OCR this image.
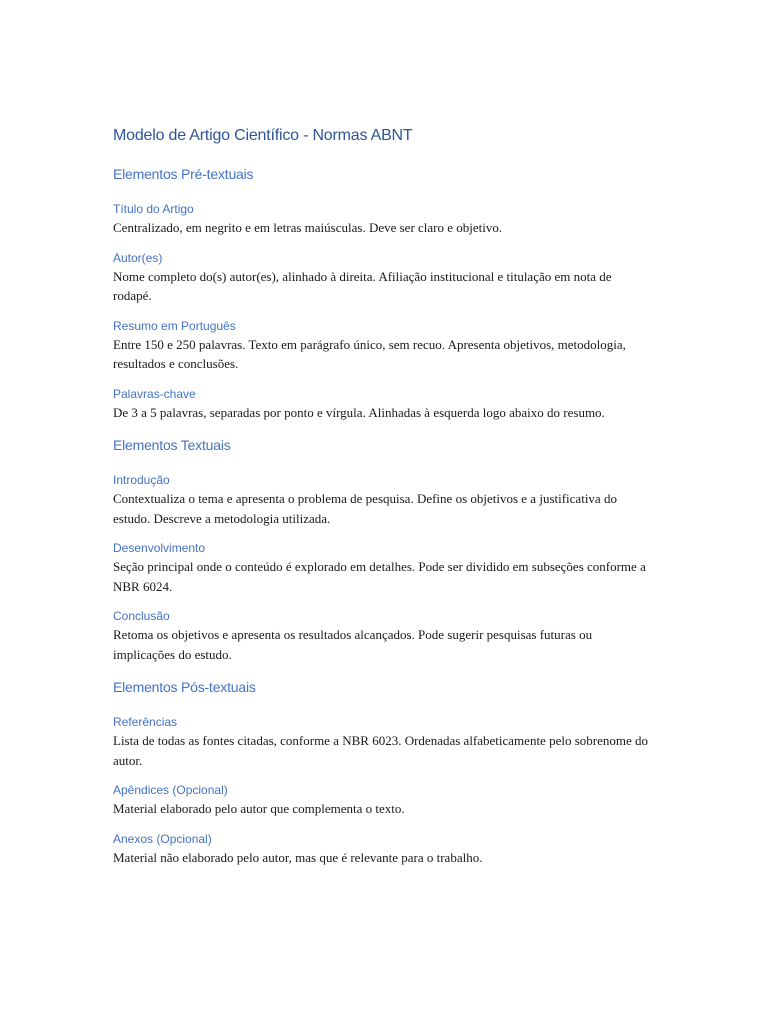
Modelo de Artigo Científico - Normas ABNT
Elementos Pré-textuais
Título do Artigo

Centralizado, em negrito e em letras maiúsculas. Deve ser claro e objetivo.

Autor(es)

Nome completo do(s) autor(es), alinhado à direita. Afiliação institucional e titulação em nota de rodapé.

Resumo em Português

Entre 150 e 250 palavras. Texto em parágrafo único, sem recuo. Apresenta objetivos, metodologia, resultados e conclusões.

Palavras-chave

De 3 a 5 palavras, separadas por ponto e vírgula. Alinhadas à esquerda logo abaixo do resumo.

Elementos Textuais
Introdução

Contextualiza o tema e apresenta o problema de pesquisa. Define os objetivos e a justificativa do estudo. Descreve a metodologia utilizada.

Desenvolvimento

Seção principal onde o conteúdo é explorado em detalhes. Pode ser dividido em subseções conforme a NBR 6024.

Conclusão

Retoma os objetivos e apresenta os resultados alcançados. Pode sugerir pesquisas futuras ou implicações do estudo.

Elementos Pós-textuais
Referências

Lista de todas as fontes citadas, conforme a NBR 6023. Ordenadas alfabeticamente pelo sobrenome do autor.

Apêndices (Opcional)

Material elaborado pelo autor que complementa o texto.

Anexos (Opcional)

Material não elaborado pelo autor, mas que é relevante para o trabalho.
